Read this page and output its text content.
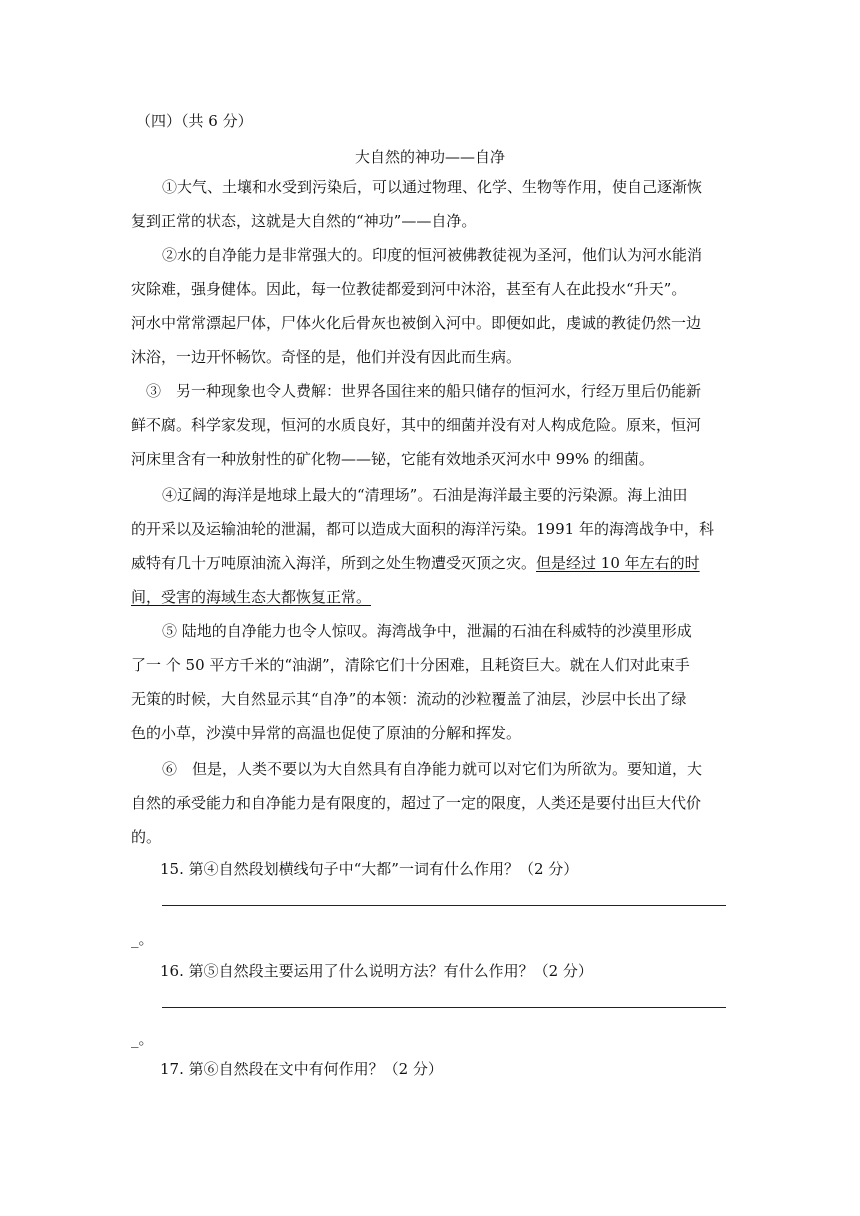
（四）（共 6 分）
大自然的神功——自净
①大气、土壤和水受到污染后，可以通过物理、化学、生物等作用，使自己逐渐恢
复到正常的状态，这就是大自然的“神功”——自净。
②水的自净能力是非常强大的。印度的恒河被佛教徒视为圣河，他们认为河水能消
灾除难，强身健体。因此，每一位教徒都爱到河中沐浴，甚至有人在此投水“升天”。
河水中常常漂起尸体，尸体火化后骨灰也被倒入河中。即便如此，虔诚的教徒仍然一边
沐浴，一边开怀畅饮。奇怪的是，他们并没有因此而生病。
③　另一种现象也令人费解：世界各国往来的船只储存的恒河水，行经万里后仍能新
鲜不腐。科学家发现，恒河的水质良好，其中的细菌并没有对人构成危险。原来，恒河
河床里含有一种放射性的矿化物——铋，它能有效地杀灭河水中 99% 的细菌。
④辽阔的海洋是地球上最大的“清理场”。石油是海洋最主要的污染源。海上油田
的开采以及运输油轮的泄漏，都可以造成大面积的海洋污染。1991 年的海湾战争中，科
威特有几十万吨原油流入海洋，所到之处生物遭受灭顶之灾。但是经过 10 年左右的时
间，受害的海域生态大都恢复正常。
⑤ 陆地的自净能力也令人惊叹。海湾战争中，泄漏的石油在科威特的沙漠里形成
了一 个 50 平方千米的“油湖”，清除它们十分困难，且耗资巨大。就在人们对此束手
无策的时候，大自然显示其“自净”的本领：流动的沙粒覆盖了油层，沙层中长出了绿
色的小草，沙漠中异常的高温也促使了原油的分解和挥发。
⑥　但是，人类不要以为大自然具有自净能力就可以对它们为所欲为。要知道，大
自然的承受能力和自净能力是有限度的，超过了一定的限度，人类还是要付出巨大代价
的。
15. 第④自然段划横线句子中“大都”一词有什么作用？（2 分）
_。
16. 第⑤自然段主要运用了什么说明方法？有什么作用？（2 分）
_。
17. 第⑥自然段在文中有何作用？（2 分）
